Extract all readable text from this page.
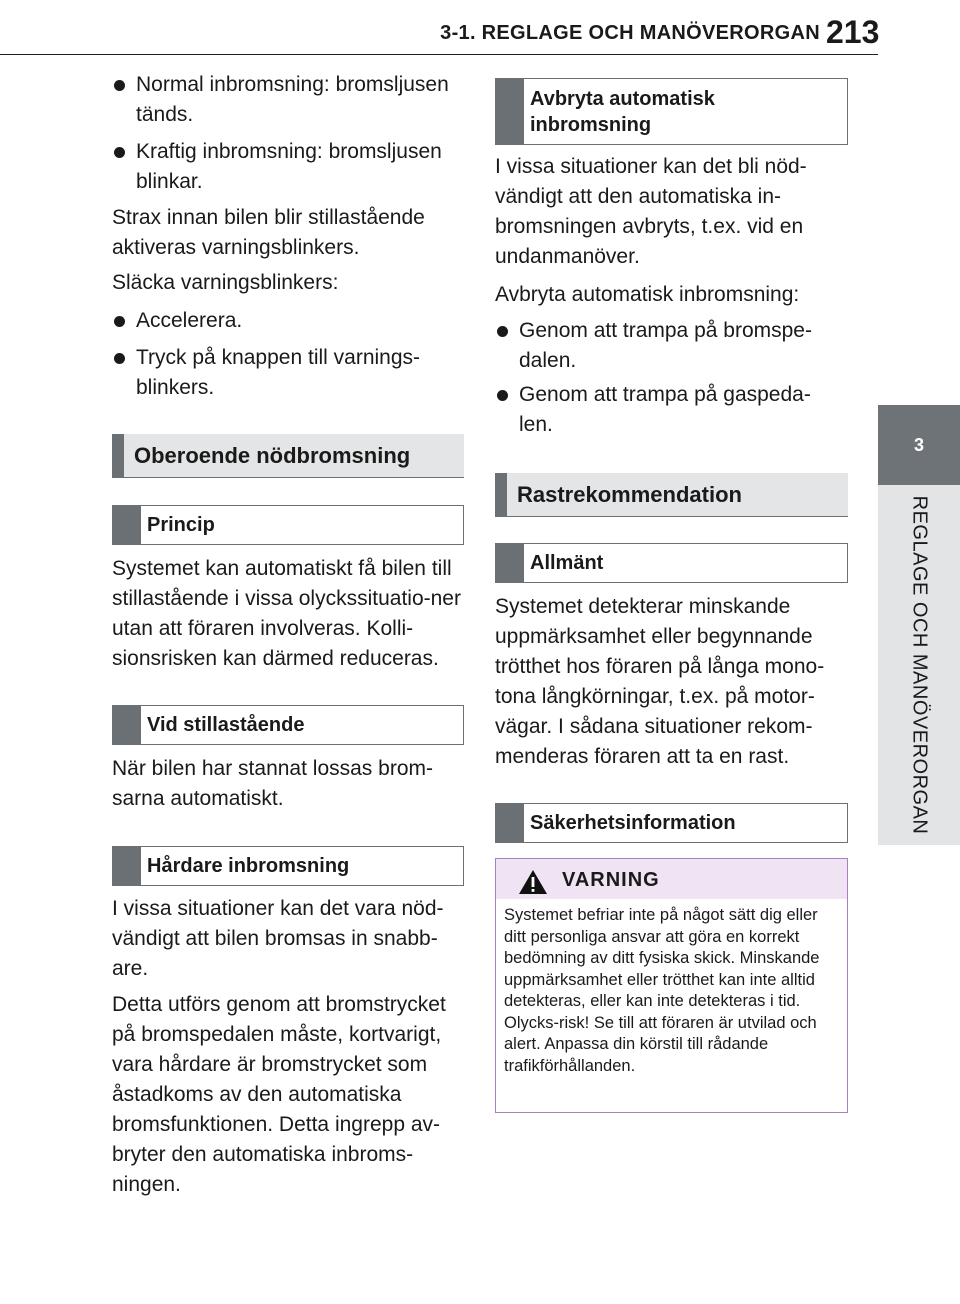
3-1. REGLAGE OCH MANÖVERORGAN 213
3
REGLAGE OCH MANÖVERORGAN
Normal inbromsning: bromsljusen tänds.
Kraftig inbromsning: bromsljusen blinkar.

Strax innan bilen blir stillastående aktiveras varningsblinkers.

Släcka varningsblinkers:

Accelerera.
Tryck på knappen till varnings-blinkers.
Oberoende nödbromsning
Princip

Systemet kan automatiskt få bilen till stillastående i vissa olyckssituatio-ner utan att föraren involveras. Kolli-sionsrisken kan därmed reduceras.

Vid stillastående

När bilen har stannat lossas brom-sarna automatiskt.

Hårdare inbromsning

I vissa situationer kan det vara nöd-vändigt att bilen bromsas in snabb-are.

Detta utförs genom att bromstrycket på bromspedalen måste, kortvarigt, vara hårdare är bromstrycket som åstadkoms av den automatiska bromsfunktionen. Detta ingrepp av-bryter den automatiska inbroms-ningen.

Avbryta automatisk inbromsning

I vissa situationer kan det bli nöd-vändigt att den automatiska in-bromsningen avbryts, t.ex. vid en undanmanöver.

Avbryta automatisk inbromsning:

Genom att trampa på bromspe-dalen.
Genom att trampa på gaspeda-len.
Rastrekommendation
Allmänt

Systemet detekterar minskande uppmärksamhet eller begynnande trötthet hos föraren på långa mono-tona långkörningar, t.ex. på motor-vägar. I sådana situationer rekom-menderas föraren att ta en rast.

Säkerhetsinformation
VARNING
Systemet befriar inte på något sätt dig eller ditt personliga ansvar att göra en korrekt bedömning av ditt fysiska skick. Minskande uppmärksamhet eller trötthet kan inte alltid detekteras, eller kan inte detekteras i tid. Olycks-risk! Se till att föraren är utvilad och alert. Anpassa din körstil till rådande trafikförhållanden.
